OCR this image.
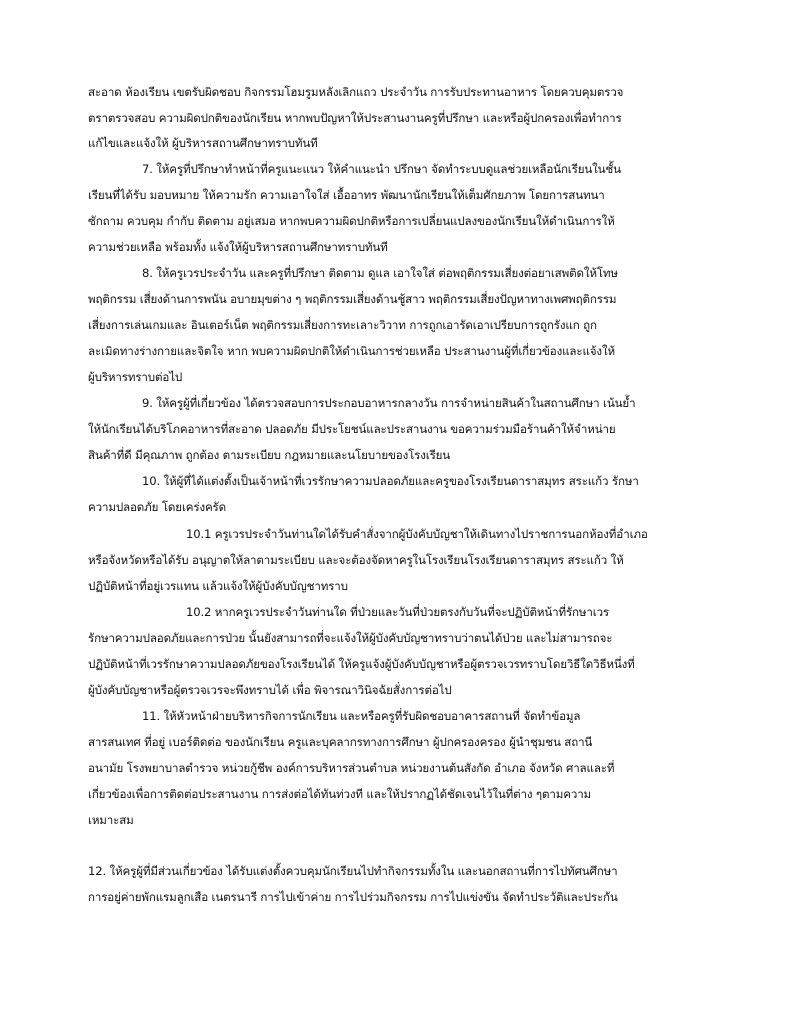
สะอาด ห้องเรียน เขตรับผิดชอบ กิจกรรมโฮมรูมหลังเลิกแถว ประจำวัน การรับประทานอาหาร โดยควบคุมตรวจ
ตราตรวจสอบ ความผิดปกติของนักเรียน หากพบปัญหาให้ประสานงานครูที่ปรึกษา และหรือผู้ปกครองเพื่อทำการ
แก้ไขและแจ้งให้ ผู้บริหารสถานศึกษาทราบทันที
7. ให้ครูที่ปรึกษาทำหน้าที่ครูแนะแนว ให้คำแนะนำ ปรึกษา จัดทำระบบดูแลช่วยเหลือนักเรียนในชั้น
เรียนที่ได้รับ มอบหมาย ให้ความรัก ความเอาใจใส่ เอื้ออาทร พัฒนานักเรียนให้เต็มศักยภาพ โดยการสนทนา
ซักถาม ควบคุม กำกับ ติดตาม อยู่เสมอ หากพบความผิดปกติหรือการเปลี่ยนแปลงของนักเรียนให้ดำเนินการให้
ความช่วยเหลือ พร้อมทั้ง แจ้งให้ผู้บริหารสถานศึกษาทราบทันที
8. ให้ครูเวรประจำวัน และครูที่ปรึกษา ติดตาม ดูแล เอาใจใส่ ต่อพฤติกรรมเสี่ยงต่อยาเสพติดให้โทษ
พฤติกรรม เสี่ยงด้านการพนัน อบายมุขต่าง ๆ พฤติกรรมเสี่ยงด้านชู้สาว พฤติกรรมเสี่ยงปัญหาทางเพศพฤติกรรม
เสี่ยงการเล่นเกมและ อินเตอร์เน็ต พฤติกรรมเสี่ยงการทะเลาะวิวาท การถูกเอารัดเอาเปรียบการถูกรังแก ถูก
ละเมิดทางร่างกายและจิตใจ หาก พบความผิดปกติให้ดำเนินการช่วยเหลือ ประสานงานผู้ที่เกี่ยวข้องและแจ้งให้
ผู้บริหารทราบต่อไป
9. ให้ครูผู้ที่เกี่ยวข้อง ได้ตรวจสอบการประกอบอาหารกลางวัน การจำหน่ายสินค้าในสถานศึกษา เน้นย้ำ
ให้นักเรียนได้บริโภคอาหารที่สะอาด ปลอดภัย มีประโยชน์และประสานงาน ขอความร่วมมือร้านค้าให้จำหน่าย
สินค้าที่ดี มีคุณภาพ ถูกต้อง ตามระเบียบ กฎหมายและนโยบายของโรงเรียน
10. ให้ผู้ที่ได้แต่งตั้งเป็นเจ้าหน้าที่เวรรักษาความปลอดภัยและครูของโรงเรียนดาราสมุทร สระแก้ว รักษา
ความปลอดภัย โดยเคร่งครัด
10.1 ครูเวรประจำวันท่านใดได้รับคำสั่งจากผู้บังคับบัญชาให้เดินทางไปราชการนอกห้องที่อำเภอ
หรือจังหวัดหรือได้รับ อนุญาตให้ลาตามระเบียบ และจะต้องจัดหาครูในโรงเรียนโรงเรียนดาราสมุทร สระแก้ว ให้
ปฏิบัติหน้าที่อยู่เวรแทน แล้วแจ้งให้ผู้บังคับบัญชาทราบ
10.2 หากครูเวรประจำวันท่านใด ที่ป่วยและวันที่ป่วยตรงกับวันที่จะปฏิบัติหน้าที่รักษาเวร
รักษาความปลอดภัยและการป่วย นั้นยังสามารถที่จะแจ้งให้ผู้บังคับบัญชาทราบว่าตนได้ป่วย และไม่สามารถจะ
ปฏิบัติหน้าที่เวรรักษาความปลอดภัยของโรงเรียนได้ ให้ครูแจ้งผู้บังคับบัญชาหรือผู้ตรวจเวรทราบโดยวิธีใดวิธีหนึ่งที่
ผู้บังคับบัญชาหรือผู้ตรวจเวรจะพึงทราบได้ เพื่อ พิจารณาวินิจฉัยสั่งการต่อไป
11. ให้หัวหน้าฝ่ายบริหารกิจการนักเรียน และหรือครูที่รับผิดชอบอาคารสถานที่ จัดทำข้อมูล
สารสนเทศ ที่อยู่ เบอร์ติดต่อ ของนักเรียน ครูและบุคลากรทางการศึกษา ผู้ปกครองครอง ผู้นำชุมชน สถานี
อนามัย โรงพยาบาลตำรวจ หน่วยกู้ชีพ องค์การบริหารส่วนตำบล หน่วยงานต้นสังกัด อำเภอ จังหวัด ศาลและที่
เกี่ยวข้องเพื่อการติดต่อประสานงาน การส่งต่อได้ทันท่วงที และให้ปรากฏได้ชัดเจนไว้ในที่ต่าง ๆตามความ
เหมาะสม
12. ให้ครูผู้ที่มีส่วนเกี่ยวข้อง ได้รับแต่งตั้งควบคุมนักเรียนไปทำกิจกรรมทั้งใน และนอกสถานที่การไปทัศนศึกษา
การอยู่ค่ายพักแรมลูกเสือ เนตรนารี การไปเข้าค่าย การไปร่วมกิจกรรม การไปแข่งขัน จัดทำประวัติและประกัน
